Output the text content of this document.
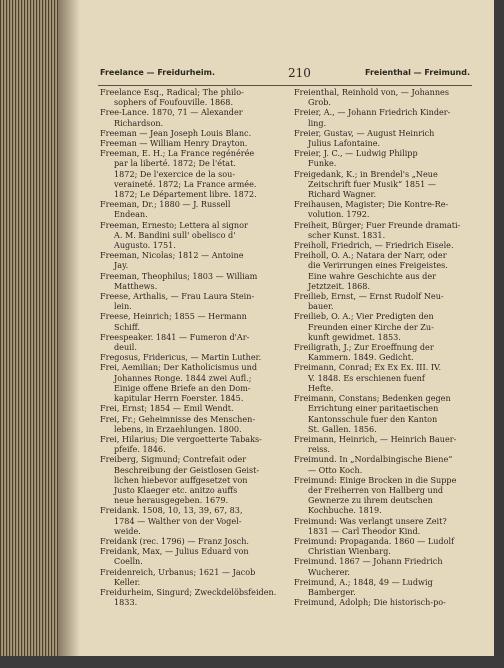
Freelance — Freidurheim.	210	Freienthal — Freimund.
Freelance Esq., Radical; The philo-
sophers of Foufouville. 1868.
Free-Lance. 1870, 71 — Alexander
Richardson.
Freeman — Jean Joseph Louis Blanc.
Freeman — William Henry Drayton.
Freeman, E. H.; La France regénérée
par la liberté. 1872; De l'état.
1872; De l'exercice de la sou-
veraineté. 1872; La France armée.
1872; Le Département libre. 1872.
Freeman, Dr.; 1880 — J. Russell
Endean.
Freeman, Ernesto; Lettera al signor
A. M. Bandini sull' obelisco d'
Augusto. 1751.
Freeman, Nicolas; 1812 — Antoine
Jay.
Freeman, Theophilus; 1803 — William
Matthews.
Freese, Arthalis, — Frau Laura Stein-
lein.
Freese, Heinrich; 1855 — Hermann
Schiff.
Freespeaker. 1841 — Fumeron d'Ar-
deuil.
Fregosus, Fridericus, — Martin Luther.
Frei, Aemilian; Der Katholicismus und
Johannes Ronge. 1844 zwei Aufl.;
Einige offene Briefe an den Dom-
kapitular Herrn Foerster. 1845.
Frei, Ernst; 1854 — Emil Wendt.
Frei, Fr.; Geheimnisse des Menschen-
lebens, in Erzaehlungen. 1800.
Frei, Hilarius; Die vergoetterte Tabaks-
pfeife. 1846.
Freiberg, Sigmund; Contrefait oder
Beschreibung der Geistlosen Geist-
lichen hiebevor auffgesetzet von
Justo Klaeger etc. anitzo auffs
neue herausgegeben. 1679.
Freidank. 1508, 10, 13, 39, 67, 83,
1784 — Walther von der Vogel-
weide.
Freidank (rec. 1796) — Franz Josch.
Freidank, Max, — Julius Eduard von
Coelln.
Freidenreich, Urbanus; 1621 — Jacob
Keller.
Freidurheim, Singurd; Zweckdelöbsfeiden.
1833.
Freienthal, Reinhold von, — Johannes
Grob.
Freier, A., — Johann Friedrich Kinder-
ling.
Freier, Gustav, — August Heinrich
Julius Lafontaine.
Freier, J. C., — Ludwig Philipp
Funke.
Freigedank, K.; in Brendel's „Neue
Zeitschrift fuer Musik“ 1851 —
Richard Wagner.
Freihausen, Magister; Die Kontre-Re-
volution. 1792.
Freiheit, Bürger; Fuer Freunde dramati-
scher Kunst. 1831.
Freiholl, Friedrich, — Friedrich Eisele.
Freiholl, O. A.; Natara der Narr, oder
die Verirrungen eines Freigeistes.
Eine wahre Geschichte aus der
Jetztzeit. 1868.
Freilieb, Ernst, — Ernst Rudolf Neu-
bauer.
Freilieb, O. A.; Vier Predigten den
Freunden einer Kirche der Zu-
kunft gewidmet. 1853.
Freiligrath, J.; Zur Eroeffnung der
Kammern. 1849. Gedicht.
Freimann, Conrad; Ex Ex Ex. III. IV.
V. 1848. Es erschienen fuenf
Hefte.
Freimann, Constans; Bedenken gegen
Errichtung einer paritaetischen
Kantonsschule fuer den Kanton
St. Gallen. 1856.
Freimann, Heinrich, — Heinrich Bauer-
reiss.
Freimund. In „Nordalbingische Biene“
— Otto Koch.
Freimund: Einige Brocken in die Suppe
der Freiherren von Hallberg und
Gewnerze zu ihrem deutschen
Kochbuche. 1819.
Freimund: Was verlangt unsere Zeit?
1831 — Carl Theodor Kind.
Freimund: Propaganda. 1860 — Ludolf
Christian Wienbarg.
Freimund. 1867 — Johann Friedrich
Wucherer.
Freimund, A.; 1848, 49 — Ludwig
Bamberger.
Freimund, Adolph; Die historisch-po-
